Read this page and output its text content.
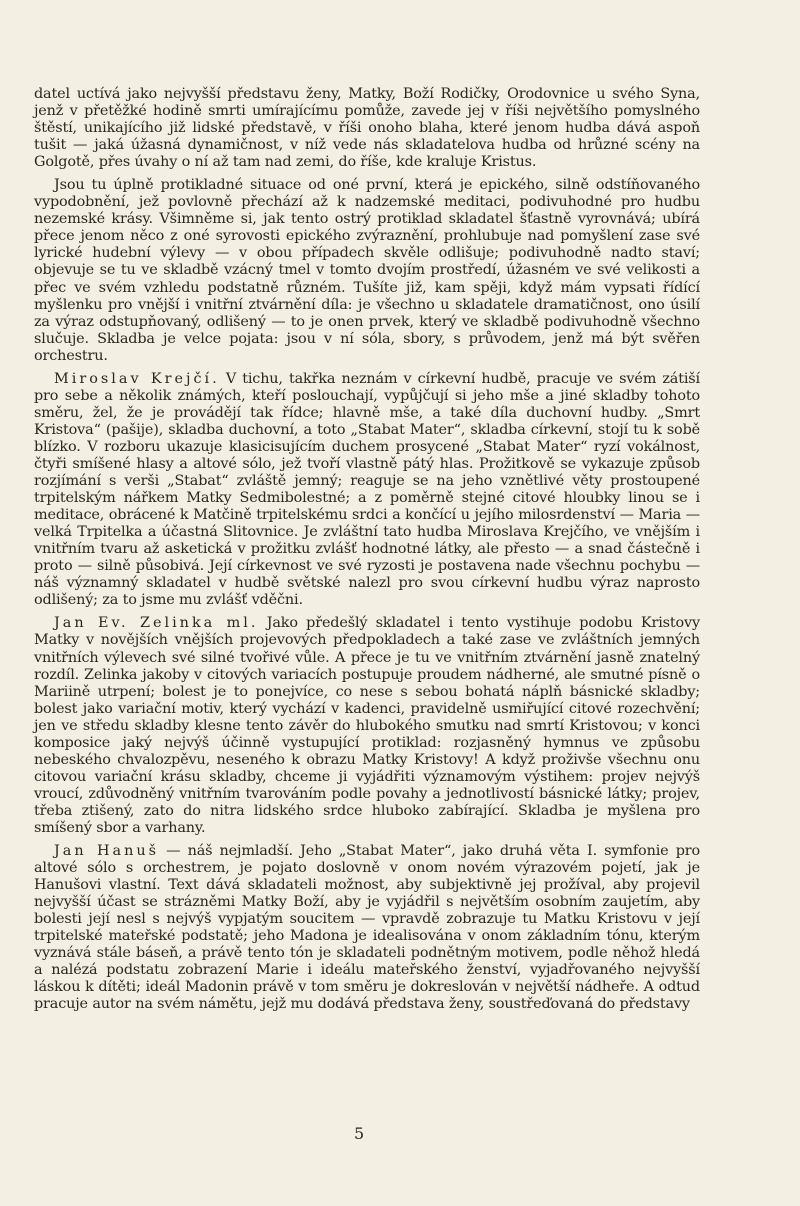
datel uctívá jako nejvyšší představu ženy, Matky, Boží Rodičky, Orodovnice u svého Syna, jenž v přetěžké hodině smrti umírajícímu pomůže, zavede jej v říši největšího pomyslného štěstí, unikajícího již lidské představě, v říši onoho blaha, které jenom hudba dává aspoň tušit — jaká úžasná dynamičnost, v níž vede nás skladatelova hudba od hrůzné scény na Golgotě, přes úvahy o ní až tam nad zemi, do říše, kde kraluje Kristus.

Jsou tu úplně protikladné situace od oné první, která je epického, silně odstíňovaného vypodobnění, jež povlovně přechází až k nadzemské meditaci, podivuhodné pro hudbu nezemské krásy. Všimněme si, jak tento ostrý protiklad skladatel šťastně vyrovnává; ubírá přece jenom něco z oné syrovosti epického zvýraznění, prohlubuje nad pomyšlení zase své lyrické hudební výlevy — v obou případech skvěle odlišuje; podivuhodně nadto staví; objevuje se tu ve skladbě vzácný tmel v tomto dvojím prostředí, úžasném ve své velikosti a přec ve svém vzhledu podstatně různém. Tušíte již, kam spěji, když mám vypsati řídící myšlenku pro vnější i vnitřní ztvárnění díla: je všechno u skladatele dramatičnost, ono úsilí za výraz odstupňovaný, odlišený — to je onen prvek, který ve skladbě podivuhodně všechno slučuje. Skladba je velce pojata: jsou v ní sóla, sbory, s průvodem, jenž má být svěřen orchestru.

Miroslav Krejčí. V tichu, takřka neznám v církevní hudbě, pracuje ve svém zátiší pro sebe a několik známých, kteří poslouchají, vypůjčují si jeho mše a jiné skladby tohoto směru, žel, že je provádějí tak řídce; hlavně mše, a také díla duchovní hudby. „Smrt Kristova“ (pašije), skladba duchovní, a toto „Stabat Mater“, skladba církevní, stojí tu k sobě blízko. V rozboru ukazuje klasicisujícím duchem prosycené „Stabat Mater“ ryzí vokálnost, čtyři smíšené hlasy a altové sólo, jež tvoří vlastně pátý hlas. Prožitkově se vykazuje způsob rozjímání s verši „Stabat“ zvláště jemný; reaguje se na jeho vznětlivé věty prostoupené trpitelským nářkem Matky Sedmibolestné; a z poměrně stejné citové hloubky linou se i meditace, obrácené k Matčině trpitelskému srdci a končící u jejího milosrdenství — Maria — velká Trpitelka a účastná Slitovnice. Je zvláštní tato hudba Miroslava Krejčího, ve vnějším i vnitřním tvaru až asketická v prožitku zvlášť hodnotné látky, ale přesto — a snad částečně i proto — silně působivá. Její církevnost ve své ryzosti je postavena nade všechnu pochybu — náš významný skladatel v hudbě světské nalezl pro svou církevní hudbu výraz naprosto odlišený; za to jsme mu zvlášť vděčni.

Jan Ev. Zelinka ml. Jako předešlý skladatel i tento vystihuje podobu Kristovy Matky v novějších vnějších projevových předpokladech a také zase ve zvláštních jemných vnitřních výlevech své silné tvořivé vůle. A přece je tu ve vnitřním ztvárnění jasně znatelný rozdíl. Zelinka jakoby v citových variacích postupuje proudem nádherné, ale smutné písně o Mariině utrpení; bolest je to ponejvíce, co nese s sebou bohatá náplň básnické skladby; bolest jako variační motiv, který vychází v kadenci, pravidelně usmiřující citové rozechvění; jen ve středu skladby klesne tento závěr do hlubokého smutku nad smrtí Kristovou; v konci komposice jaký nejvýš účinně vystupující protiklad: rozjasněný hymnus ve způsobu nebeského chvalozpěvu, neseného k obrazu Matky Kristovy! A když proživše všechnu onu citovou variační krásu skladby, chceme ji vyjádřiti významovým výstihem: projev nejvýš vroucí, zdůvodněný vnitřním tvarováním podle povahy a jednotlivostí básnické látky; projev, třeba ztišený, zato do nitra lidského srdce hluboko zabírající. Skladba je myšlena pro smíšený sbor a varhany.

Jan Hanuš — náš nejmladší. Jeho „Stabat Mater“, jako druhá věta I. symfonie pro altové sólo s orchestrem, je pojato doslovně v onom novém výrazovém pojetí, jak je Hanušovi vlastní. Text dává skladateli možnost, aby subjektivně jej prožíval, aby projevil nejvyšší účast se strázněmi Matky Boží, aby je vyjádřil s největším osobním zaujetím, aby bolesti její nesl s nejvýš vypjatým soucitem — vpravdě zobrazuje tu Matku Kristovu v její trpitelské mateřské podstatě; jeho Madona je idealisována v onom základním tónu, kterým vyznává stále báseň, a právě tento tón je skladateli podnětným motivem, podle něhož hledá a nalézá podstatu zobrazení Marie i ideálu mateřského ženství, vyjadřovaného nejvyšší láskou k dítěti; ideál Madonin právě v tom směru je dokreslován v největší nádheře. A odtud pracuje autor na svém námětu, jejž mu dodává představa ženy, soustřeďovaná do představy

5
